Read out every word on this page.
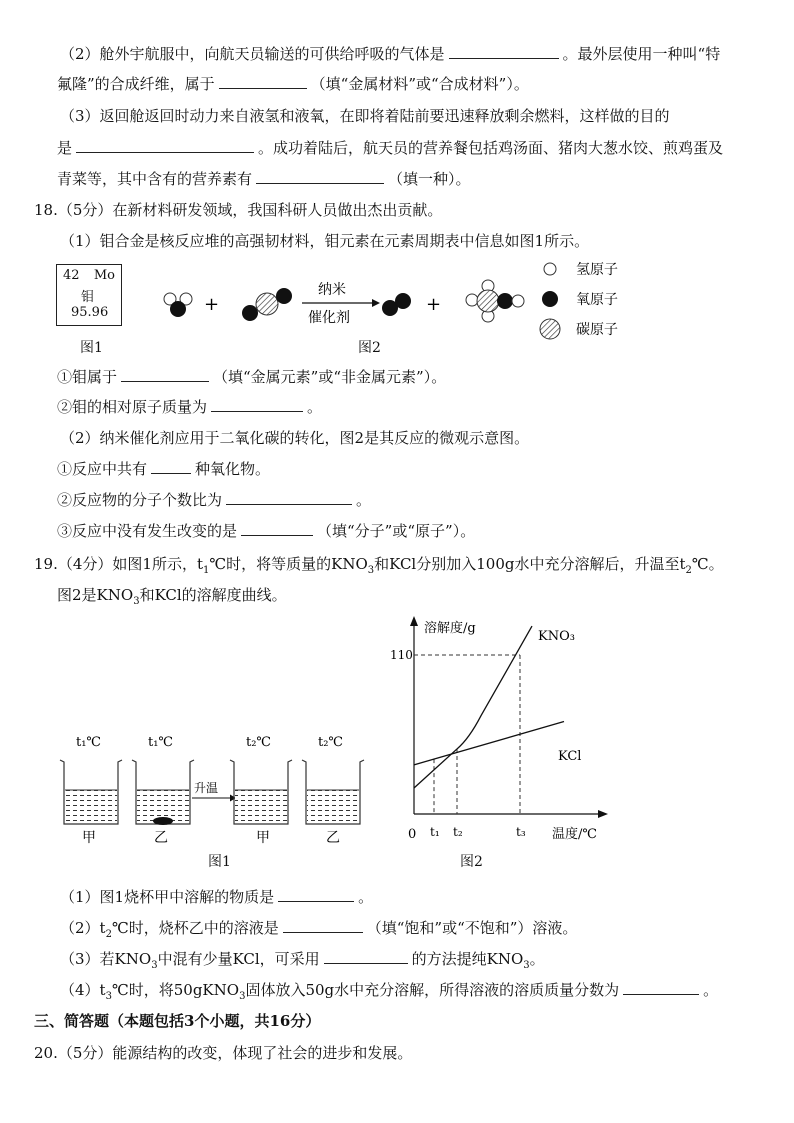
（2）舱外宇航服中，向航天员输送的可供给呼吸的气体是	。最外层使用一种叫“特
氟隆”的合成纤维，属于	（填“金属材料”或“合成材料”）。
（3）返回舱返回时动力来自液氢和液氧，在即将着陆前要迅速释放剩余燃料，这样做的目的
是	。成功着陆后，航天员的营养餐包括鸡汤面、猪肉大葱水饺、煎鸡蛋及
青菜等，其中含有的营养素有	（填一种）。
18.（5分）在新材料研发领域，我国科研人员做出杰出贡献。
（1）钼合金是核反应堆的高强韧材料，钼元素在元素周期表中信息如图1所示。
42 Mo
钼
95.96
图1
+
纳米
催化剂
+
氢原子
氧原子
碳原子
图2
①钼属于	（填“金属元素”或“非金属元素”）。
②钼的相对原子质量为	。
（2）纳米催化剂应用于二氧化碳的转化，图2是其反应的微观示意图。
①反应中共有	种氧化物。
②反应物的分子个数比为	。
③反应中没有发生改变的是	（填“分子”或“原子”）。
19.（4分）如图1所示，$t_1℃$时，将等质量的$KNO_3$和KCl分别加入100g水中充分溶解后，升温至$t_2℃$。
图2是$KNO_3$和KCl的溶解度曲线。
t₁℃
甲
t₁℃
乙
升温
t₂℃
甲
t₂℃
乙
图1
溶解度/g
温度/℃
0
110
t₁ t₂	t₃
KNO₃
KCl
图2
（1）图1烧杯甲中溶解的物质是	。
$(2)t_2℃$时，烧杯乙中的溶液是	（填“饱和”或“不饱和”）溶液。
（3）若$KNO_3$中混有少量KCl，可采用	的方法提纯$KNO_3$。
$(4)t_3℃$时，将50gKNO$_3$固体放入50g水中充分溶解，所得溶液的溶质质量分数为	。
三、简答题（本题包括3个小题，共16分）
20.（5分）能源结构的改变，体现了社会的进步和发展。
